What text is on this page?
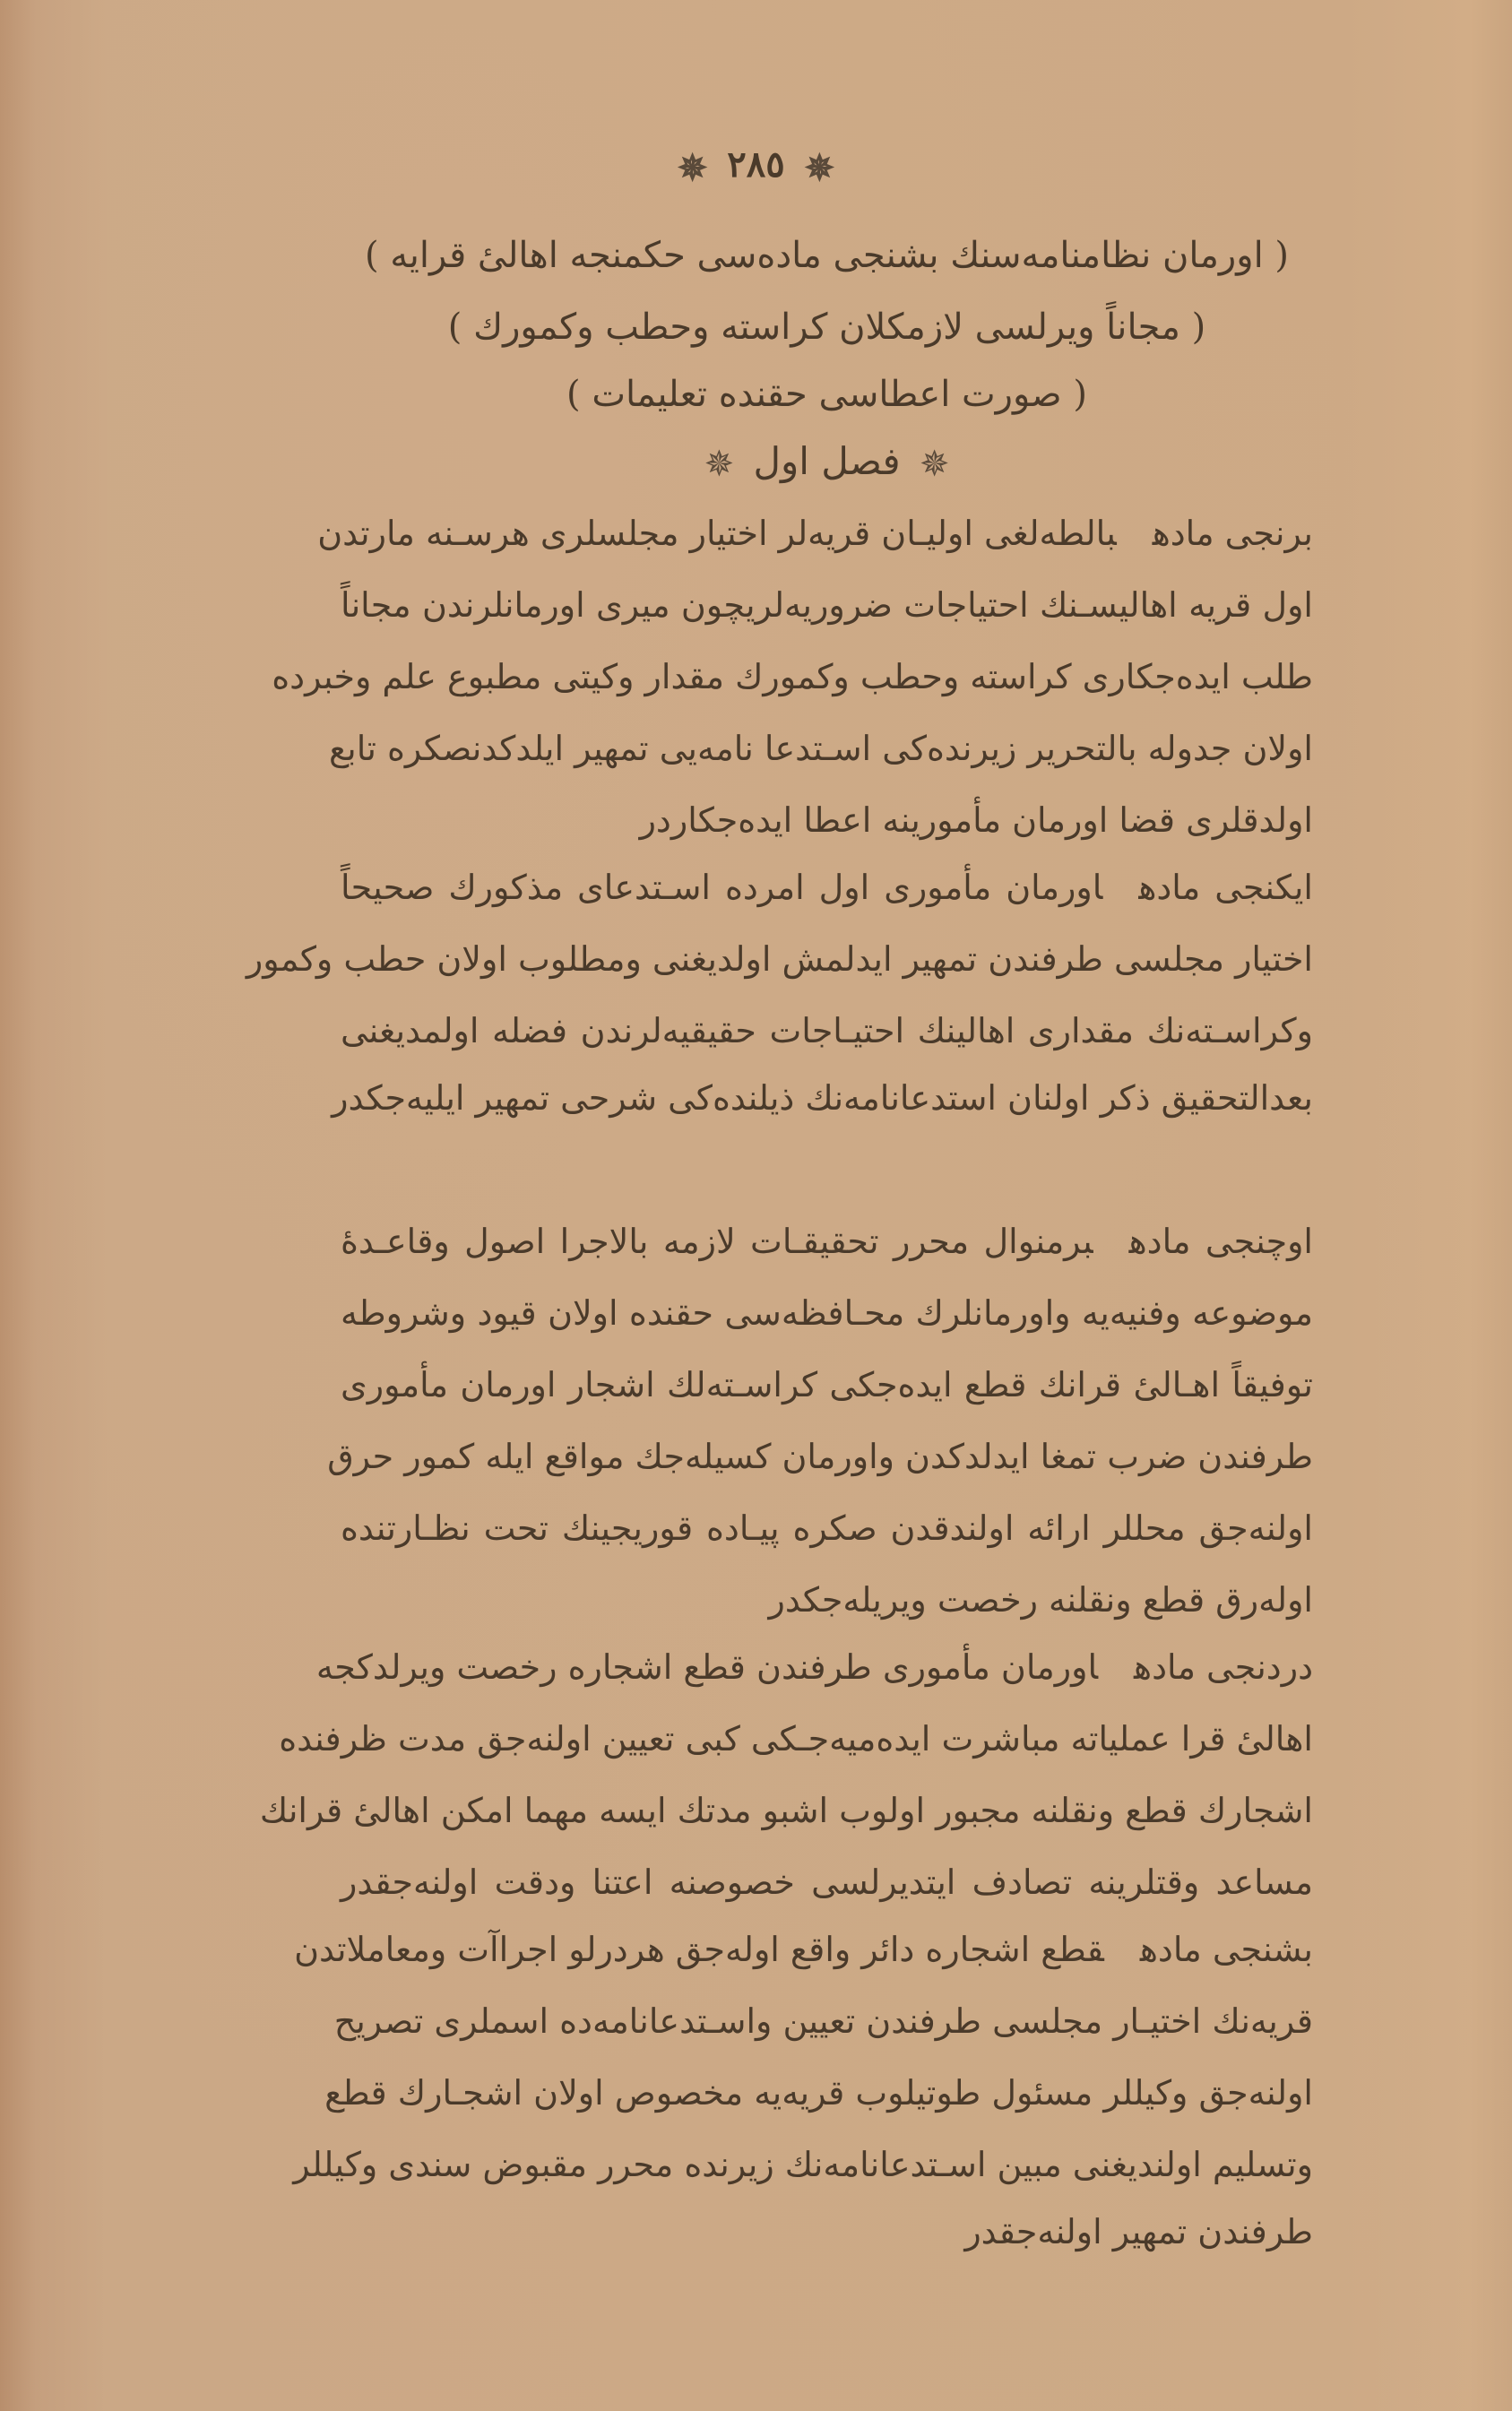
✵ ٢٨٥ ✵
( اورمان نظامنامه‌سنك بشنجی ماده‌سی حكمنجه اهالیٔ قرایه )
( مجاناً ويرلسی لازمكلان كراسته وحطب وكمورك )
( صورت اعطاسی حقنده تعلیمات )
✵ فصل اول ✵
برنجی مادهبالطه‌لغی اولیـان قریه‌لر اختیار مجلسلری هرسـنه مارتدن
اول قریه اهالیسـنك احتیاجات ضروریه‌لریچون میری اورمانلرندن مجاناً
طلب ایده‌جكاری كراسته وحطب وكمورك مقدار وكیتی مطبوع علم وخبرده
اولان جدوله بالتحریر زیرنده‌كی اسـتدعا نامه‌یی تمهیر ایلدكدنصكره تابع
اولدقلری قضا اورمان مأمورینه اعطا ایده‌جكاردر
ایكنجی مادهاورمان مأموری اول امرده اسـتدعای مذكورك صحیحاً
اختیار مجلسی طرفندن تمهیر ایدلمش اولدیغنی ومطلوب اولان حطب وكمور
وكراسـته‌نك مقداری اهالینك احتیـاجات حقیقیه‌لرندن فضله اولمدیغنی
بعدالتحقیق ذكر اولنان استدعانامه‌نك ذیلنده‌كی شرحی تمهیر ایلیه‌جكدر
اوچنجی مادهبرمنوال محرر تحقیقـات لازمه بالاجرا اصول وقاعـدهٔ
موضوعه وفنیه‌یه واورمانلرك محـافظه‌سی حقنده اولان قیود وشروطه
توفیقاً اهـالیٔ قرانك قطع ایده‌جكی كراسـته‌لك اشجار اورمان مأموری
طرفندن ضرب تمغا ایدلدكدن واورمان كسیله‌جك مواقع ایله كمور حرق
اولنه‌جق محللر ارائه اولندقدن صكره پیـاده قوریجینك تحت نظـارتنده
اوله‌رق قطع ونقلنه رخصت ویریله‌جكدر
دردنجی مادهاورمان مأموری طرفندن قطع اشجاره رخصت ویرلدكجه
اهالیٔ قرا عملیاته مباشرت ایده‌میه‌جـكی كبی تعیین اولنه‌جق مدت ظرفنده
اشجارك قطع ونقلنه مجبور اولوب اشبو مدتك ایسه مهما امكن اهالیٔ قرانك
مساعد وقتلرینه تصادف ایتدیرلسی خصوصنه اعتنا ودقت اولنه‌جقدر
بشنجی مادهقطع اشجاره دائر واقع اوله‌جق هردرلو اجراآت ومعاملاتدن
قریه‌نك اختیـار مجلسی طرفندن تعیین واسـتدعانامه‌ده اسملری تصریح
اولنه‌جق وكیللر مسئول طوتیلوب قریه‌یه مخصوص اولان اشجـارك قطع
وتسلیم اولندیغنی مبین اسـتدعانامه‌نك زیرنده محرر مقبوض سندی وكیللر
طرفندن تمهیر اولنه‌جقدر
